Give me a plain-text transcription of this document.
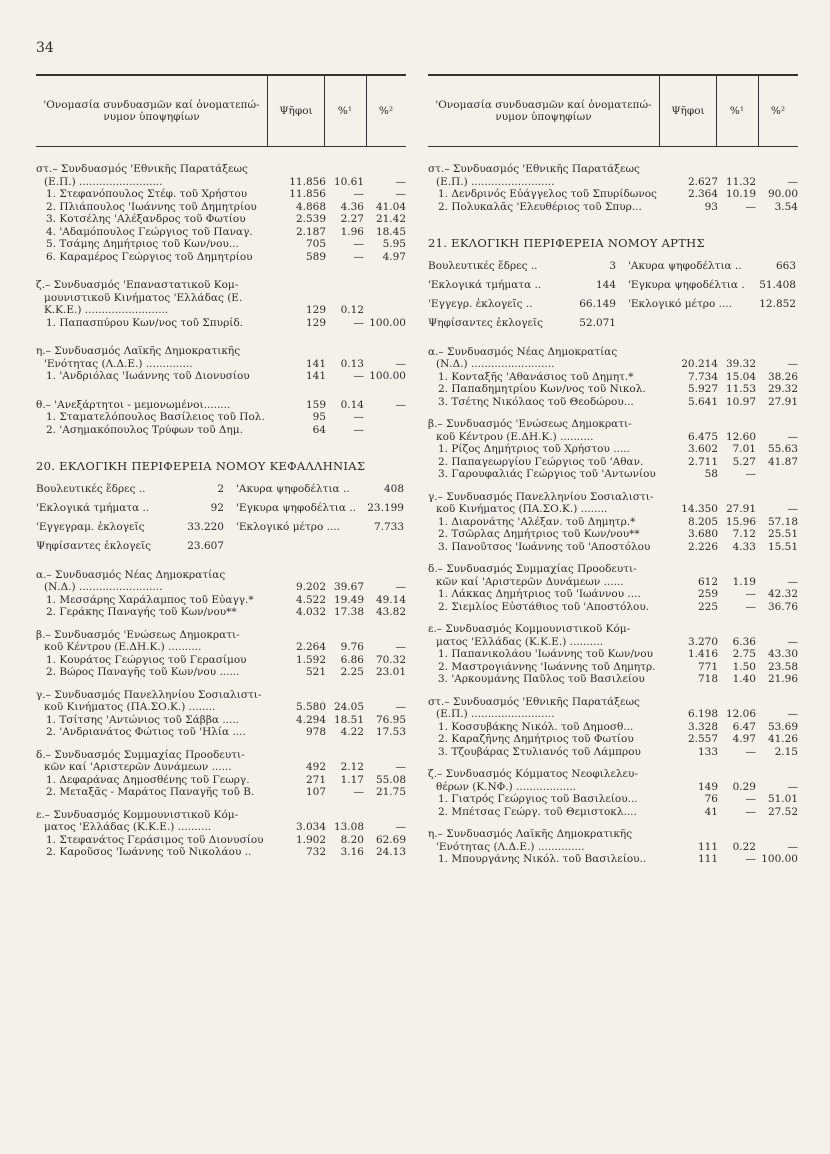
34
'Ονομασία συνδυασμῶν καί ὀνοματεπώ-νυμον ὑποψηφίων
Ψῆφοι	%¹	%²
στ.– Συνδυασμός 'Εθνικῆς Παρατάξεως
(Ε.Π.) .........................	11.856 10.61	—
1. Στεφανόπουλος Στέφ. τοῦ Χρήστου	11.856	—	—
2. Πλιάπουλος 'Ιωάννης τοῦ Δημητρίου	4.868	4.36	41.04
3. Κοτσέλης 'Αλέξανδρος τοῦ Φωτίου	2.539	2.27	21.42
4. 'Αδαμόπουλος Γεώργιος τοῦ Παναγ.	2.187	1.96	18.45
5. Τσάμης Δημήτριος τοῦ Κων/νου...	705	—	5.95
6. Καραμέρος Γεώργιος τοῦ Δημητρίου	589	—	4.97
ζ.– Συνδυασμός 'Επαναστατικοῦ Κομ-
μουνιστικοῦ Κινήματος 'Ελλάδας (Ε.
Κ.Κ.Ε.) .........................	129	0.12
1. Παπασπύρου Κων/νος τοῦ Σπυρίδ.	129	— 100.00
η.– Συνδυασμός Λαϊκῆς Δημοκρατικῆς
'Ενότητας (Λ.Δ.Ε.) ..............	141	0.13	—
1. 'Ανδριόλας 'Ιωάννης τοῦ Διονυσίου	141	— 100.00
θ.– 'Ανεξάρτητοι - μεμονωμένοι........	159	0.14	—
1. Σταματελόπουλος Βασίλειος τοῦ Πολ.	95	—
2. 'Ασημακόπουλος Τρύφων τοῦ Δημ.	64	—
20. ΕΚΛΟΓΙΚΗ ΠΕΡΙΦΕΡΕΙΑ ΝΟΜΟΥ ΚΕΦΑΛΛΗΝΙΑΣ
Βουλευτικές ἕδρες ..	2 'Ακυρα ψηφοδέλτια ..	408
'Εκλογικά τμήματα ..	92 'Εγκυρα ψηφοδέλτια ..	23.199
'Εγγεγραμ. ἐκλογεῖς	33.220 'Εκλογικό μέτρο ....	7.733
Ψηφίσαντες ἐκλογεῖς	23.607
α.– Συνδυασμός Νέας Δημοκρατίας
(Ν.Δ.) .........................	9.202 39.67	—
1. Μεσσάρης Χαράλαμπος τοῦ Εὐαγγ.*	4.522 19.49	49.14
2. Γεράκης Παναγής τοῦ Κων/νου**	4.032 17.38	43.82
β.– Συνδυασμός 'Ενώσεως Δημοκρατι-
κοῦ Κέντρου (Ε.ΔΗ.Κ.) ..........	2.264	9.76	—
1. Κουράτος Γεώργιος τοῦ Γερασίμου	1.592	6.86	70.32
2. Βώρος Παναγῆς τοῦ Κων/νου ......	521	2.25	23.01
γ.– Συνδυασμός Πανελληνίου Σοσιαλιστι-
κοῦ Κινήματος (ΠΑ.ΣΟ.Κ.) ........	5.580 24.05	—
1. Τσίτσης 'Αντώνιος τοῦ Σάββα .....	4.294 18.51	76.95
2. 'Ανδριανάτος Φώτιος τοῦ 'Ηλία ....	978	4.22	17.53
δ.– Συνδυασμός Συμμαχίας Προοδευτι-
κῶν καί 'Αριστερῶν Δυνάμεων ......	492	2.12	—
1. Δεφαράνας Δημοσθένης τοῦ Γεωργ.	271	1.17	55.08
2. Μεταξᾶς - Μαράτος Παναγῆς τοῦ Β.	107	—	21.75
ε.– Συνδυασμός Κομμουνιστικοῦ Κόμ-
ματος 'Ελλάδας (Κ.Κ.Ε.) ..........	3.034 13.08	—
1. Στεφανάτος Γεράσιμος τοῦ Διονυσίου	1.902	8.20	62.69
2. Καροῦσος 'Ιωάννης τοῦ Νικολάου ..	732	3.16	24.13
'Ονομασία συνδυασμῶν καί ὀνοματεπώ-νυμον ὑποψηφίων
Ψῆφοι	%¹	%²
στ.– Συνδυασμός 'Εθνικῆς Παρατάξεως
(Ε.Π.) .........................	2.627 11.32	—
1. Δενδρινός Εὐάγγελος τοῦ Σπυρίδωνος	2.364 10.19	90.00
2. Πολυκαλᾶς 'Ελευθέριος τοῦ Σπυρ...	93	—	3.54
21. ΕΚΛΟΓΙΚΗ ΠΕΡΙΦΕΡΕΙΑ ΝΟΜΟΥ ΑΡΤΗΣ
Βουλευτικές ἕδρες ..	3 'Ακυρα ψηφοδέλτια ..	663
'Εκλογικά τμήματα ..	144 'Εγκυρα ψηφοδέλτια .	51.408
'Εγγεγρ. ἐκλογεῖς ..	66.149 'Εκλογικό μέτρο ....	12.852
Ψηφίσαντες ἐκλογεῖς	52.071
α.– Συνδυασμός Νέας Δημοκρατίας
(Ν.Δ.) .........................	20.214 39.32	—
1. Κονταξῆς 'Αθανάσιος τοῦ Δημητ.*	7.734 15.04	38.26
2. Παπαδημητρίου Κων/νος τοῦ Νικολ.	5.927 11.53	29.32
3. Τσέτης Νικόλαος τοῦ Θεοδώρου...	5.641 10.97	27.91
β.– Συνδυασμός 'Ενώσεως Δημοκρατι-
κοῦ Κέντρου (Ε.ΔΗ.Κ.) ..........	6.475 12.60	—
1. Ρίζος Δημήτριος τοῦ Χρήστου .....	3.602	7.01	55.63
2. Παπαγεωργίου Γεώργιος τοῦ 'Αθαν.	2.711	5.27	41.87
3. Γαρουφαλιάς Γεώργιος τοῦ 'Αντωνίου	58	—
γ.– Συνδυασμός Πανελληνίου Σοσιαλιστι-
κοῦ Κινήματος (ΠΑ.ΣΟ.Κ.) ........	14.350 27.91	—
1. Διαρονάτης 'Αλέξαν. τοῦ Δημητρ.*	8.205 15.96	57.18
2. Τσῶρλας Δημήτριος τοῦ Κων/νου**	3.680	7.12	25.51
3. Πανοῦτσος 'Ιωάννης τοῦ 'Αποστόλου	2.226	4.33	15.51
δ.– Συνδυασμός Συμμαχίας Προοδευτι-
κῶν καί 'Αριστερῶν Δυνάμεων ......	612	1.19	—
1. Λάκκας Δημήτριος τοῦ 'Ιωάννου ....	259	—	42.32
2. Σιεμλίος Εὐστάθιος τοῦ 'Αποστόλου.	225	—	36.76
ε.– Συνδυασμός Κομμουνιστικοῦ Κόμ-
ματος 'Ελλάδας (Κ.Κ.Ε.) ..........	3.270	6.36	—
1. Παπανικολάου 'Ιωάννης τοῦ Κων/νου	1.416	2.75	43.30
2. Μαστρογιάννης 'Ιωάννης τοῦ Δημητρ.	771	1.50	23.58
3. 'Αρκουμάνης Παῦλος τοῦ Βασιλείου	718	1.40	21.96
στ.– Συνδυασμός 'Εθνικῆς Παρατάξεως
(Ε.Π.) .........................	6.198 12.06	—
1. Κοσσυβάκης Νικόλ. τοῦ Δημοσθ...	3.328	6.47	53.69
2. Καραζῆνης Δημήτριος τοῦ Φωτίου	2.557	4.97	41.26
3. Τζουβάρας Στυλιανός τοῦ Λάμπρου	133	—	2.15
ζ.– Συνδυασμός Κόμματος Νεοφιλελευ-
θέρων (Κ.ΝΦ.) ..................	149	0.29	—
1. Γιατρός Γεώργιος τοῦ Βασιλείου...	76	—	51.01
2. Μπέτσας Γεώργ. τοῦ Θεμιστοκλ....	41	—	27.52
η.– Συνδυασμός Λαϊκῆς Δημοκρατικῆς
'Ενότητας (Λ.Δ.Ε.) ..............	111	0.22	—
1. Μπουργάνης Νικόλ. τοῦ Βασιλείου..	111	— 100.00
